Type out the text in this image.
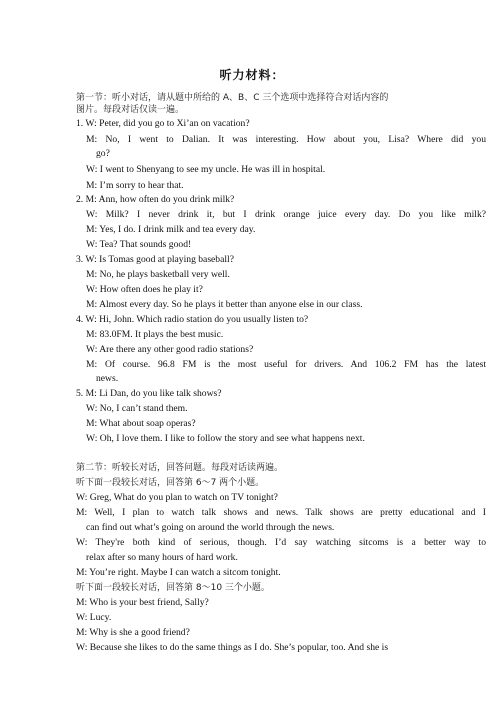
听力材料：
第一节：听小对话，请从题中所给的 A、B、C 三个选项中选择符合对话内容的
图片。每段对话仅读一遍。
1. W: Peter, did you go to Xi’an on vacation?
M: No, I went to Dalian. It was interesting. How about you, Lisa? Where did you
go?
W: I went to Shenyang to see my uncle. He was ill in hospital.
M: I’m sorry to hear that.
2. M: Ann, how often do you drink milk?
W: Milk? I never drink it, but I drink orange juice every day. Do you like milk?
M: Yes, I do. I drink milk and tea every day.
W: Tea? That sounds good!
3. W: Is Tomas good at playing baseball?
M: No, he plays basketball very well.
W: How often does he play it?
M: Almost every day. So he plays it better than anyone else in our class.
4. W: Hi, John. Which radio station do you usually listen to?
M: 83.0FM. It plays the best music.
W: Are there any other good radio stations?
M: Of course. 96.8 FM is the most useful for drivers. And 106.2 FM has the latest
news.
5. M: Li Dan, do you like talk shows?
W: No, I can’t stand them.
M: What about soap operas?
W: Oh, I love them. I like to follow the story and see what happens next.
第二节：听较长对话，回答问题。每段对话读两遍。
听下面一段较长对话，回答第 6～7 两个小题。
W: Greg, What do you plan to watch on TV tonight?
M: Well, I plan to watch talk shows and news. Talk shows are pretty educational and I
can find out what’s going on around the world through the news.
W: They're both kind of serious, though. I’d say watching sitcoms is a better way to
relax after so many hours of hard work.
M: You’re right. Maybe I can watch a sitcom tonight.
听下面一段较长对话，回答第 8～10 三个小题。
M: Who is your best friend, Sally?
W: Lucy.
M: Why is she a good friend?
W: Because she likes to do the same things as I do. She’s popular, too. And she is
